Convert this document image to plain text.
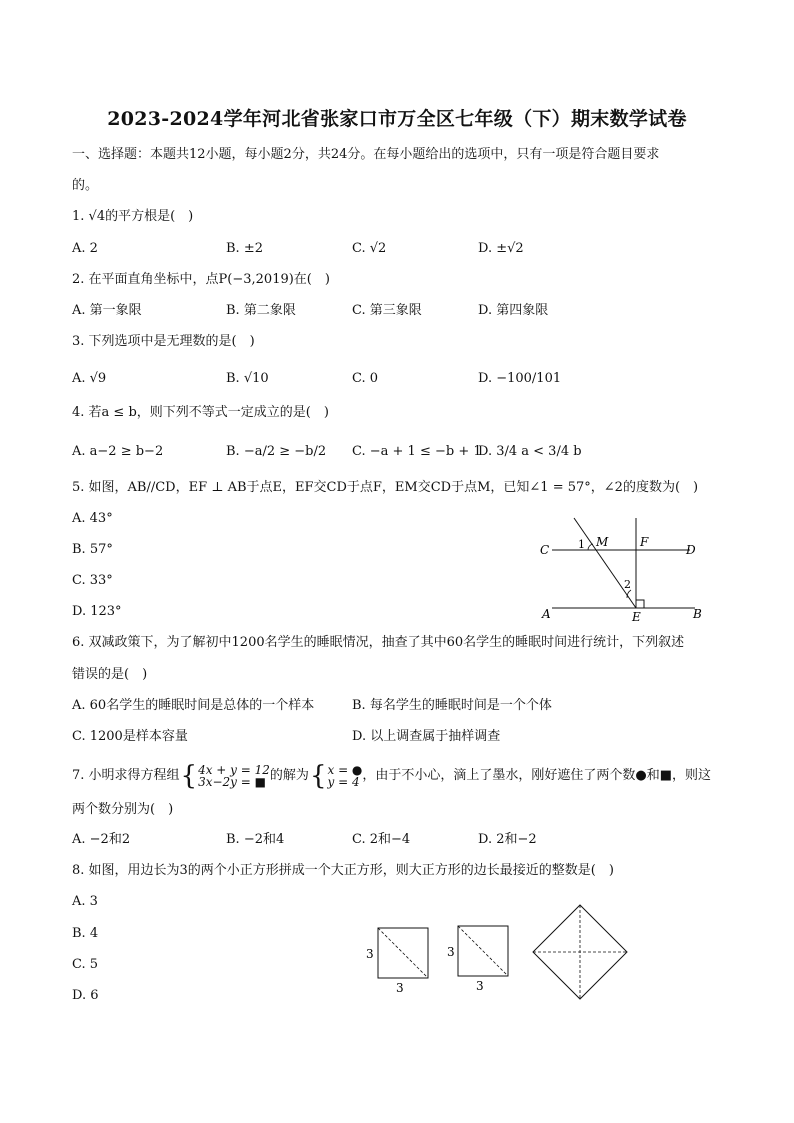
2023-2024学年河北省张家口市万全区七年级（下）期末数学试卷
一、选择题：本题共12小题，每小题2分，共24分。在每小题给出的选项中，只有一项是符合题目要求
的。
1. √4的平方根是(　)
A. 2	B. ±2	C. √2	D. ±√2
2. 在平面直角坐标中，点P(−3,2019)在(　)
A. 第一象限	B. 第二象限	C. 第三象限	D. 第四象限
3. 下列选项中是无理数的是(　)
A. √9	B. √10	C. 0	D. −100/101
4. 若a ≤ b，则下列不等式一定成立的是(　)
A. a−2 ≥ b−2	B. −a/2 ≥ −b/2 C. −a + 1 ≤ −b + 1
D. 3/4 a < 3/4 b
5. 如图，AB//CD，EF ⊥ AB于点E，EF交CD于点F，EM交CD于点M，已知∠1 = 57°，∠2的度数为(　)
A. 43°
B. 57°
C. 33°
D. 123°
C	D
A	B
M	F
E
1
2
6. 双减政策下，为了解初中1200名学生的睡眠情况，抽查了其中60名学生的睡眠时间进行统计，下列叙述
错误的是(　)
A. 60名学生的睡眠时间是总体的一个样本	B. 每名学生的睡眠时间是一个个体
C. 1200是样本容量	D. 以上调查属于抽样调查
7. 小明求得方程组 { 4x + y = 12
3x−2y = ■ 的解为 { x = ●
y = 4 ，由于不小心，滴上了墨水，刚好遮住了两个数●和■，则这
两个数分别为(　)
A. −2和2	B. −2和4	C. 2和−4	D. 2和−2
8. 如图，用边长为3的两个小正方形拼成一个大正方形，则大正方形的边长最接近的整数是(　)
A. 3
B. 4
C. 5
D. 6
3
3
3
3
